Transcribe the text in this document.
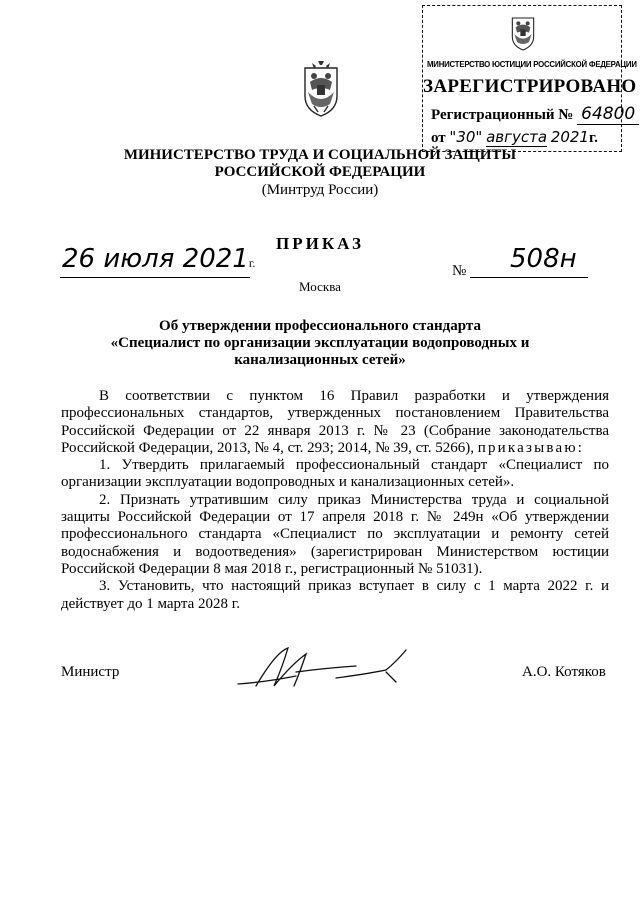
МИНИСТЕРСТВО ЮСТИЦИИ РОССИЙСКОЙ ФЕДЕРАЦИИ
ЗАРЕГИСТРИРОВАНО
Регистрационный № 64800
от "30" августа 2021г.
МИНИСТЕРСТВО ТРУДА И СОЦИАЛЬНОЙ ЗАЩИТЫ
РОССИЙСКОЙ ФЕДЕРАЦИИ
(Минтруд России)
ПРИКАЗ
26 июля 2021г.	№ 508н
Москва
Об утверждении профессионального стандарта
«Специалист по организации эксплуатации водопроводных и
канализационных сетей»

В соответствии с пунктом 16 Правил разработки и утверждения профессиональных стандартов, утвержденных постановлением Правительства Российской Федерации от 22 января 2013 г. № 23 (Собрание законодательства Российской Федерации, 2013, № 4, ст. 293; 2014, № 39, ст. 5266), приказываю:

1. Утвердить прилагаемый профессиональный стандарт «Специалист по организации эксплуатации водопроводных и канализационных сетей».

2. Признать утратившим силу приказ Министерства труда и социальной защиты Российской Федерации от 17 апреля 2018 г. № 249н «Об утверждении профессионального стандарта «Специалист по эксплуатации и ремонту сетей водоснабжения и водоотведения» (зарегистрирован Министерством юстиции Российской Федерации 8 мая 2018 г., регистрационный № 51031).

3. Установить, что настоящий приказ вступает в силу с 1 марта 2022 г. и действует до 1 марта 2028 г.

Министр	А.О. Котяков
